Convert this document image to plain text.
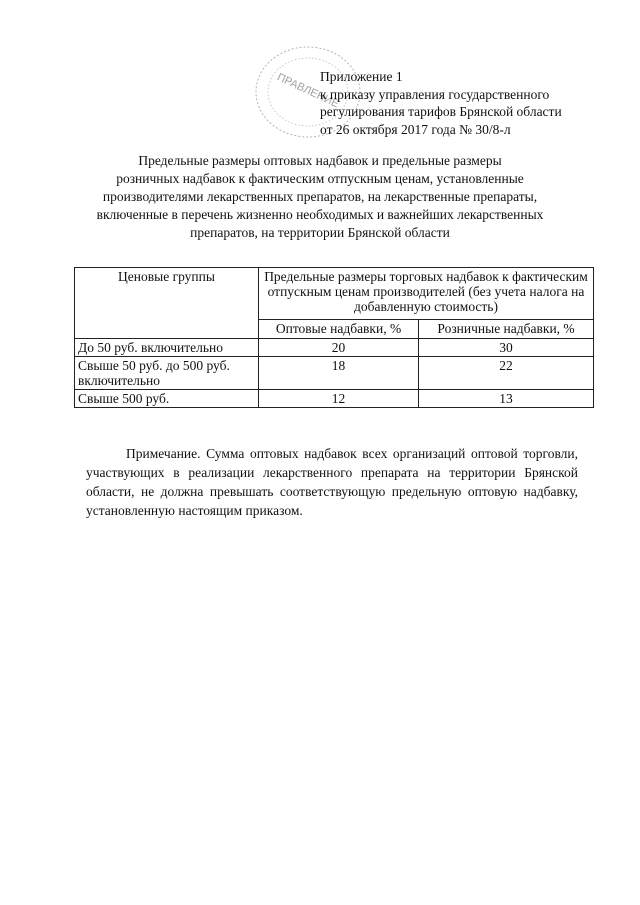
ПРАВЛЕНИЕ
Приложение 1
к приказу управления государственного
регулирования тарифов Брянской области
от 26 октября 2017 года № 30/8-л
Предельные размеры оптовых надбавок и предельные размеры
розничных надбавок к фактическим отпускным ценам, установленные
производителями лекарственных препаратов, на лекарственные препараты,
включенные в перечень жизненно необходимых и важнейших лекарственных
препаратов, на территории Брянской области
Ценовые группы	Предельные размеры торговых надбавок к фактическим отпускным ценам производителей (без учета налога на добавленную стоимость)	
	Оптовые надбавки, %	Розничные надбавки, %
До 50 руб. включительно	20	30
Свыше 50 руб. до 500 руб. включительно	18	22
Свыше 500 руб.	12	13

Примечание. Сумма оптовых надбавок всех организаций оптовой торговли, участвующих в реализации лекарственного препарата на территории Брянской области, не должна превышать соответствующую предельную оптовую надбавку, установленную настоящим приказом.
